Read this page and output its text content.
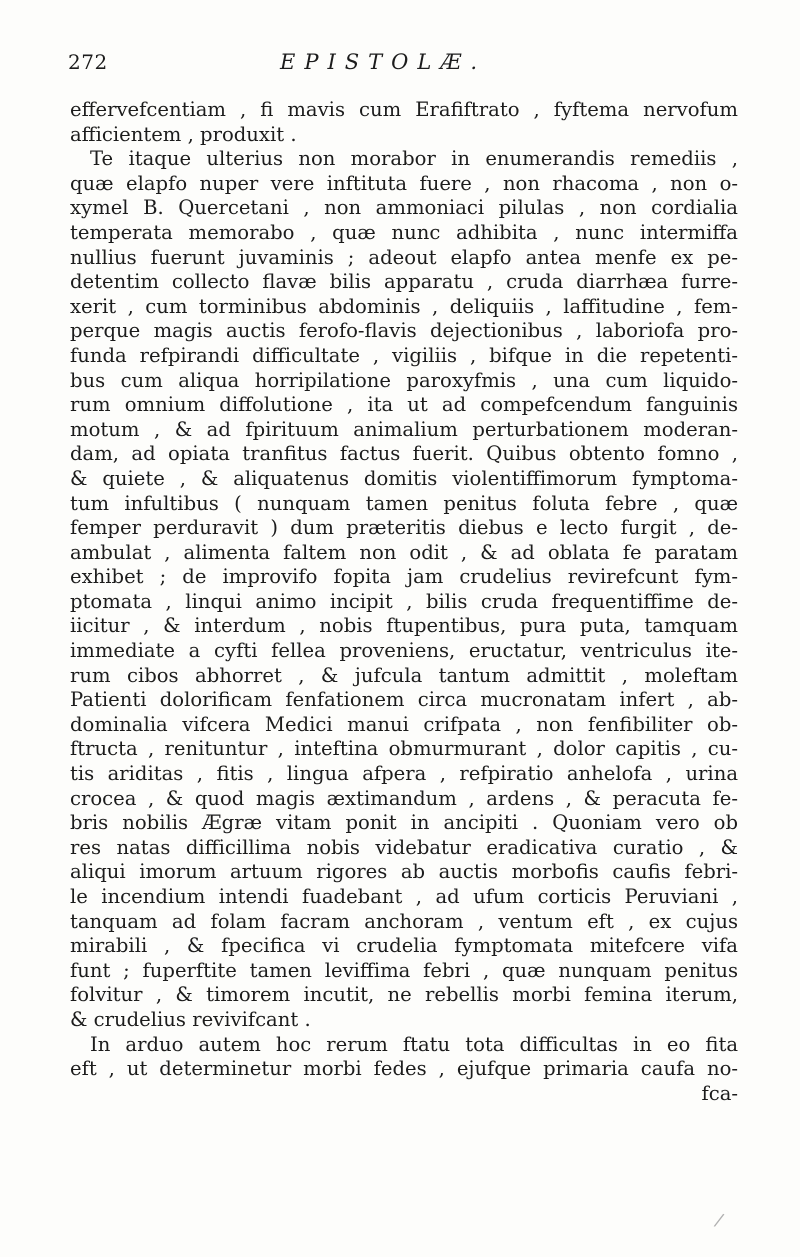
272	EPISTOLÆ.
effervefcentiam , fi mavis cum Erafiftrato , fyftema nervofum
afficientem , produxit .
Te itaque ulterius non morabor in enumerandis remediis ,
quæ elapfo nuper vere inftituta fuere , non rhacoma , non o-
xymel B. Quercetani , non ammoniaci pilulas , non cordialia
temperata memorabo , quæ nunc adhibita , nunc intermiffa
nullius fuerunt juvaminis ; adeout elapfo antea menfe ex pe-
detentim collecto flavæ bilis apparatu , cruda diarrhæa furre-
xerit , cum torminibus abdominis , deliquiis , laffitudine , fem-
perque magis auctis ferofo-flavis dejectionibus , laboriofa pro-
funda refpirandi difficultate , vigiliis , bifque in die repetenti-
bus cum aliqua horripilatione paroxyfmis , una cum liquido-
rum omnium diffolutione , ita ut ad compefcendum fanguinis
motum , & ad fpirituum animalium perturbationem moderan-
dam, ad opiata tranfitus factus fuerit. Quibus obtento fomno ,
& quiete , & aliquatenus domitis violentiffimorum fymptoma-
tum infultibus ( nunquam tamen penitus foluta febre , quæ
femper perduravit ) dum præteritis diebus e lecto furgit , de-
ambulat , alimenta faltem non odit , & ad oblata fe paratam
exhibet ; de improvifo fopita jam crudelius revirefcunt fym-
ptomata , linqui animo incipit , bilis cruda frequentiffime de-
iicitur , & interdum , nobis ftupentibus, pura puta, tamquam
immediate a cyfti fellea proveniens, eructatur, ventriculus ite-
rum cibos abhorret , & jufcula tantum admittit , moleftam
Patienti dolorificam fenfationem circa mucronatam infert , ab-
dominalia vifcera Medici manui crifpata , non fenfibiliter ob-
ftructa , renituntur , inteftina obmurmurant , dolor capitis , cu-
tis ariditas , fitis , lingua afpera , refpiratio anhelofa , urina
crocea , & quod magis æxtimandum , ardens , & peracuta fe-
bris nobilis Ægræ vitam ponit in ancipiti . Quoniam vero ob
res natas difficillima nobis videbatur eradicativa curatio , &
aliqui imorum artuum rigores ab auctis morbofis caufis febri-
le incendium intendi fuadebant , ad ufum corticis Peruviani ,
tanquam ad folam facram anchoram , ventum eft , ex cujus
mirabili , & fpecifica vi crudelia fymptomata mitefcere vifa
funt ; fuperftite tamen leviffima febri , quæ nunquam penitus
folvitur , & timorem incutit, ne rebellis morbi femina iterum,
& crudelius revivifcant .
In arduo autem hoc rerum ftatu tota difficultas in eo fita
eft , ut determinetur morbi fedes , ejufque primaria caufa no-
fca-
/
